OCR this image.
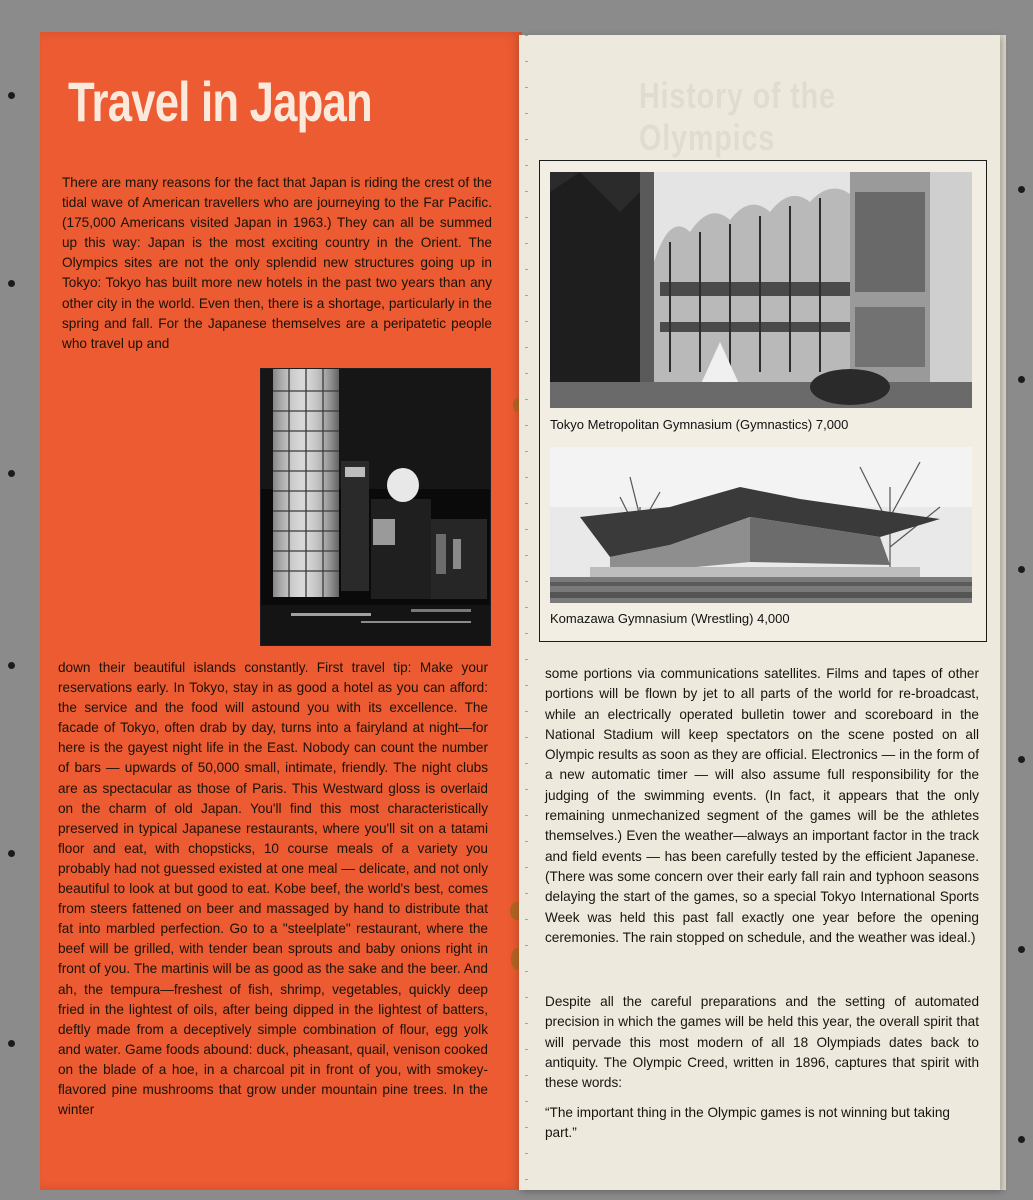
Travel in Japan

There are many reasons for the fact that Japan is riding the crest of the tidal wave of American travellers who are journeying to the Far Pacific. (175,000 Americans visited Japan in 1963.) They can all be summed up this way: Japan is the most exciting country in the Orient. The Olympics sites are not the only splendid new structures going up in Tokyo: Tokyo has built more new hotels in the past two years than any other city in the world. Even then, there is a shortage, particularly in the spring and fall. For the Japanese themselves are a peripatetic people who travel up and

down their beautiful islands constantly. First travel tip: Make your reservations early. In Tokyo, stay in as good a hotel as you can afford: the service and the food will astound you with its excellence. The facade of Tokyo, often drab by day, turns into a fairyland at night—for here is the gayest night life in the East. Nobody can count the number of bars — upwards of 50,000 small, intimate, friendly. The night clubs are as spectacular as those of Paris. This Westward gloss is overlaid on the charm of old Japan. You'll find this most characteristically preserved in typical Japanese restaurants, where you'll sit on a tatami floor and eat, with chopsticks, 10 course meals of a variety you probably had not guessed existed at one meal — delicate, and not only beautiful to look at but good to eat. Kobe beef, the world's best, comes from steers fattened on beer and massaged by hand to distribute that fat into marbled perfection. Go to a "steelplate" restaurant, where the beef will be grilled, with tender bean sprouts and baby onions right in front of you. The martinis will be as good as the sake and the beer. And ah, the tempura—freshest of fish, shrimp, vegetables, quickly deep fried in the lightest of oils, after being dipped in the lightest of batters, deftly made from a deceptively simple combination of flour, egg yolk and water. Game foods abound: duck, pheasant, quail, venison cooked on the blade of a hoe, in a charcoal pit in front of you, with smokey-flavored pine mushrooms that grow under mountain pine trees. In the winter

History of the Olympics

Tokyo Metropolitan Gymnasium (Gymnastics) 7,000

Komazawa Gymnasium (Wrestling) 4,000

some portions via communications satellites. Films and tapes of other portions will be flown by jet to all parts of the world for re-broadcast, while an electrically operated bulletin tower and scoreboard in the National Stadium will keep spectators on the scene posted on all Olympic results as soon as they are official. Electronics — in the form of a new automatic timer — will also assume full responsibility for the judging of the swimming events. (In fact, it appears that the only remaining unmechanized segment of the games will be the athletes themselves.) Even the weather—always an important factor in the track and field events — has been carefully tested by the efficient Japanese. (There was some concern over their early fall rain and typhoon seasons delaying the start of the games, so a special Tokyo International Sports Week was held this past fall exactly one year before the opening ceremonies. The rain stopped on schedule, and the weather was ideal.)

Despite all the careful preparations and the setting of automated precision in which the games will be held this year, the overall spirit that will pervade this most modern of all 18 Olympiads dates back to antiquity. The Olympic Creed, written in 1896, captures that spirit with these words:

“The important thing in the Olympic games is not winning but taking part.”
